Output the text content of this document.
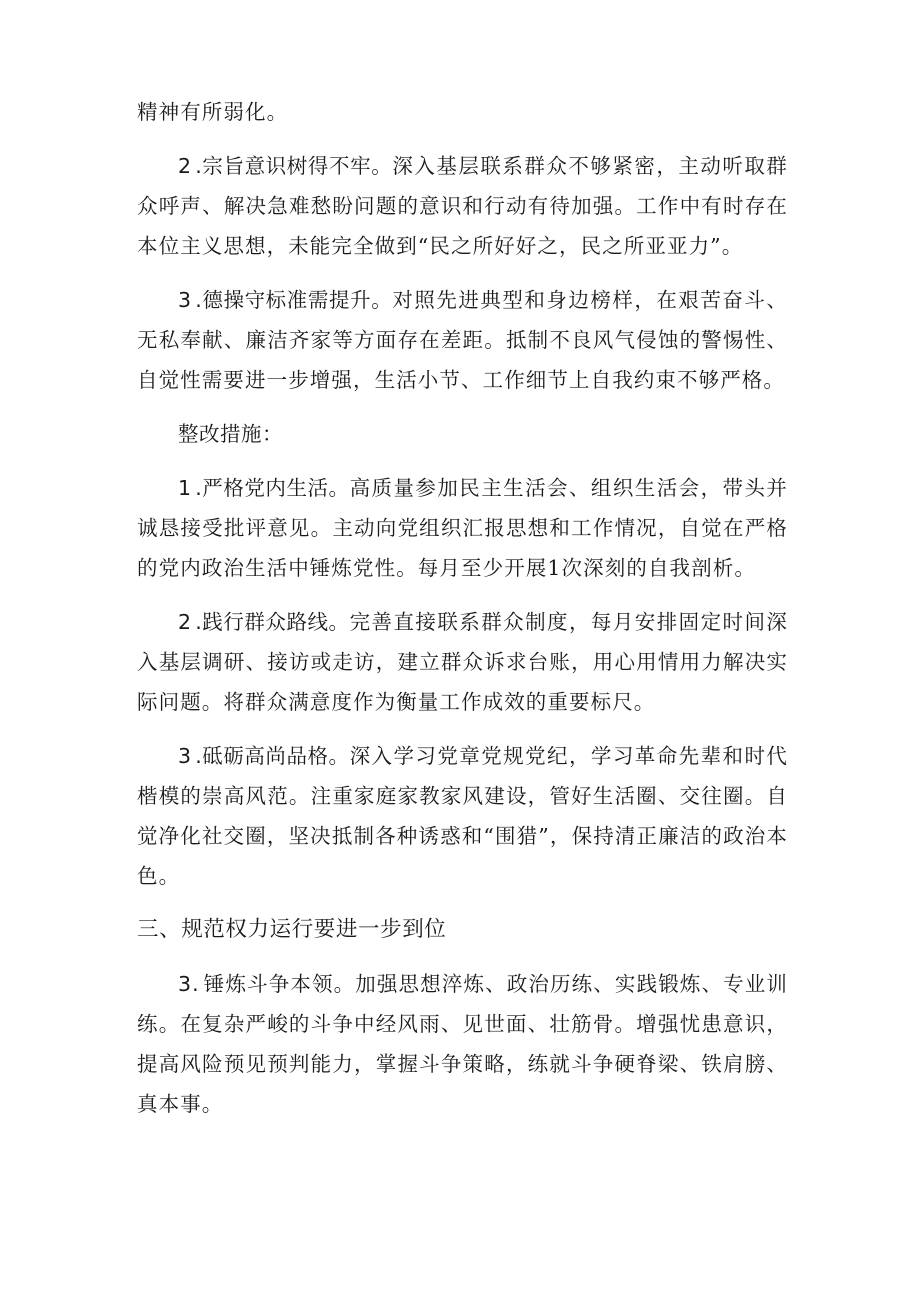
精神有所弱化。

2 .宗旨意识树得不牢。深入基层联系群众不够紧密，主动听取群众呼声、解决急难愁盼问题的意识和行动有待加强。工作中有时存在本位主义思想，未能完全做到“民之所好好之，民之所亚亚力”。

3 .德操守标准需提升。对照先进典型和身边榜样，在艰苦奋斗、无私奉献、廉洁齐家等方面存在差距。抵制不良风气侵蚀的警惕性、自觉性需要进一步增强，生活小节、工作细节上自我约束不够严格。

整改措施：

1 .严格党内生活。高质量参加民主生活会、组织生活会，带头并诚恳接受批评意见。主动向党组织汇报思想和工作情况，自觉在严格的党内政治生活中锤炼党性。每月至少开展1次深刻的自我剖析。

2 .践行群众路线。完善直接联系群众制度，每月安排固定时间深入基层调研、接访或走访，建立群众诉求台账，用心用情用力解决实际问题。将群众满意度作为衡量工作成效的重要标尺。

3 .砥砺高尚品格。深入学习党章党规党纪，学习革命先辈和时代楷模的崇高风范。注重家庭家教家风建设，管好生活圈、交往圈。自觉净化社交圈，坚决抵制各种诱惑和“围猎”，保持清正廉洁的政治本色。

三、规范权力运行要进一步到位

3. 锤炼斗争本领。加强思想淬炼、政治历练、实践锻炼、专业训练。在复杂严峻的斗争中经风雨、见世面、壮筋骨。增强忧患意识，提高风险预见预判能力，掌握斗争策略，练就斗争硬脊梁、铁肩膀、真本事。
